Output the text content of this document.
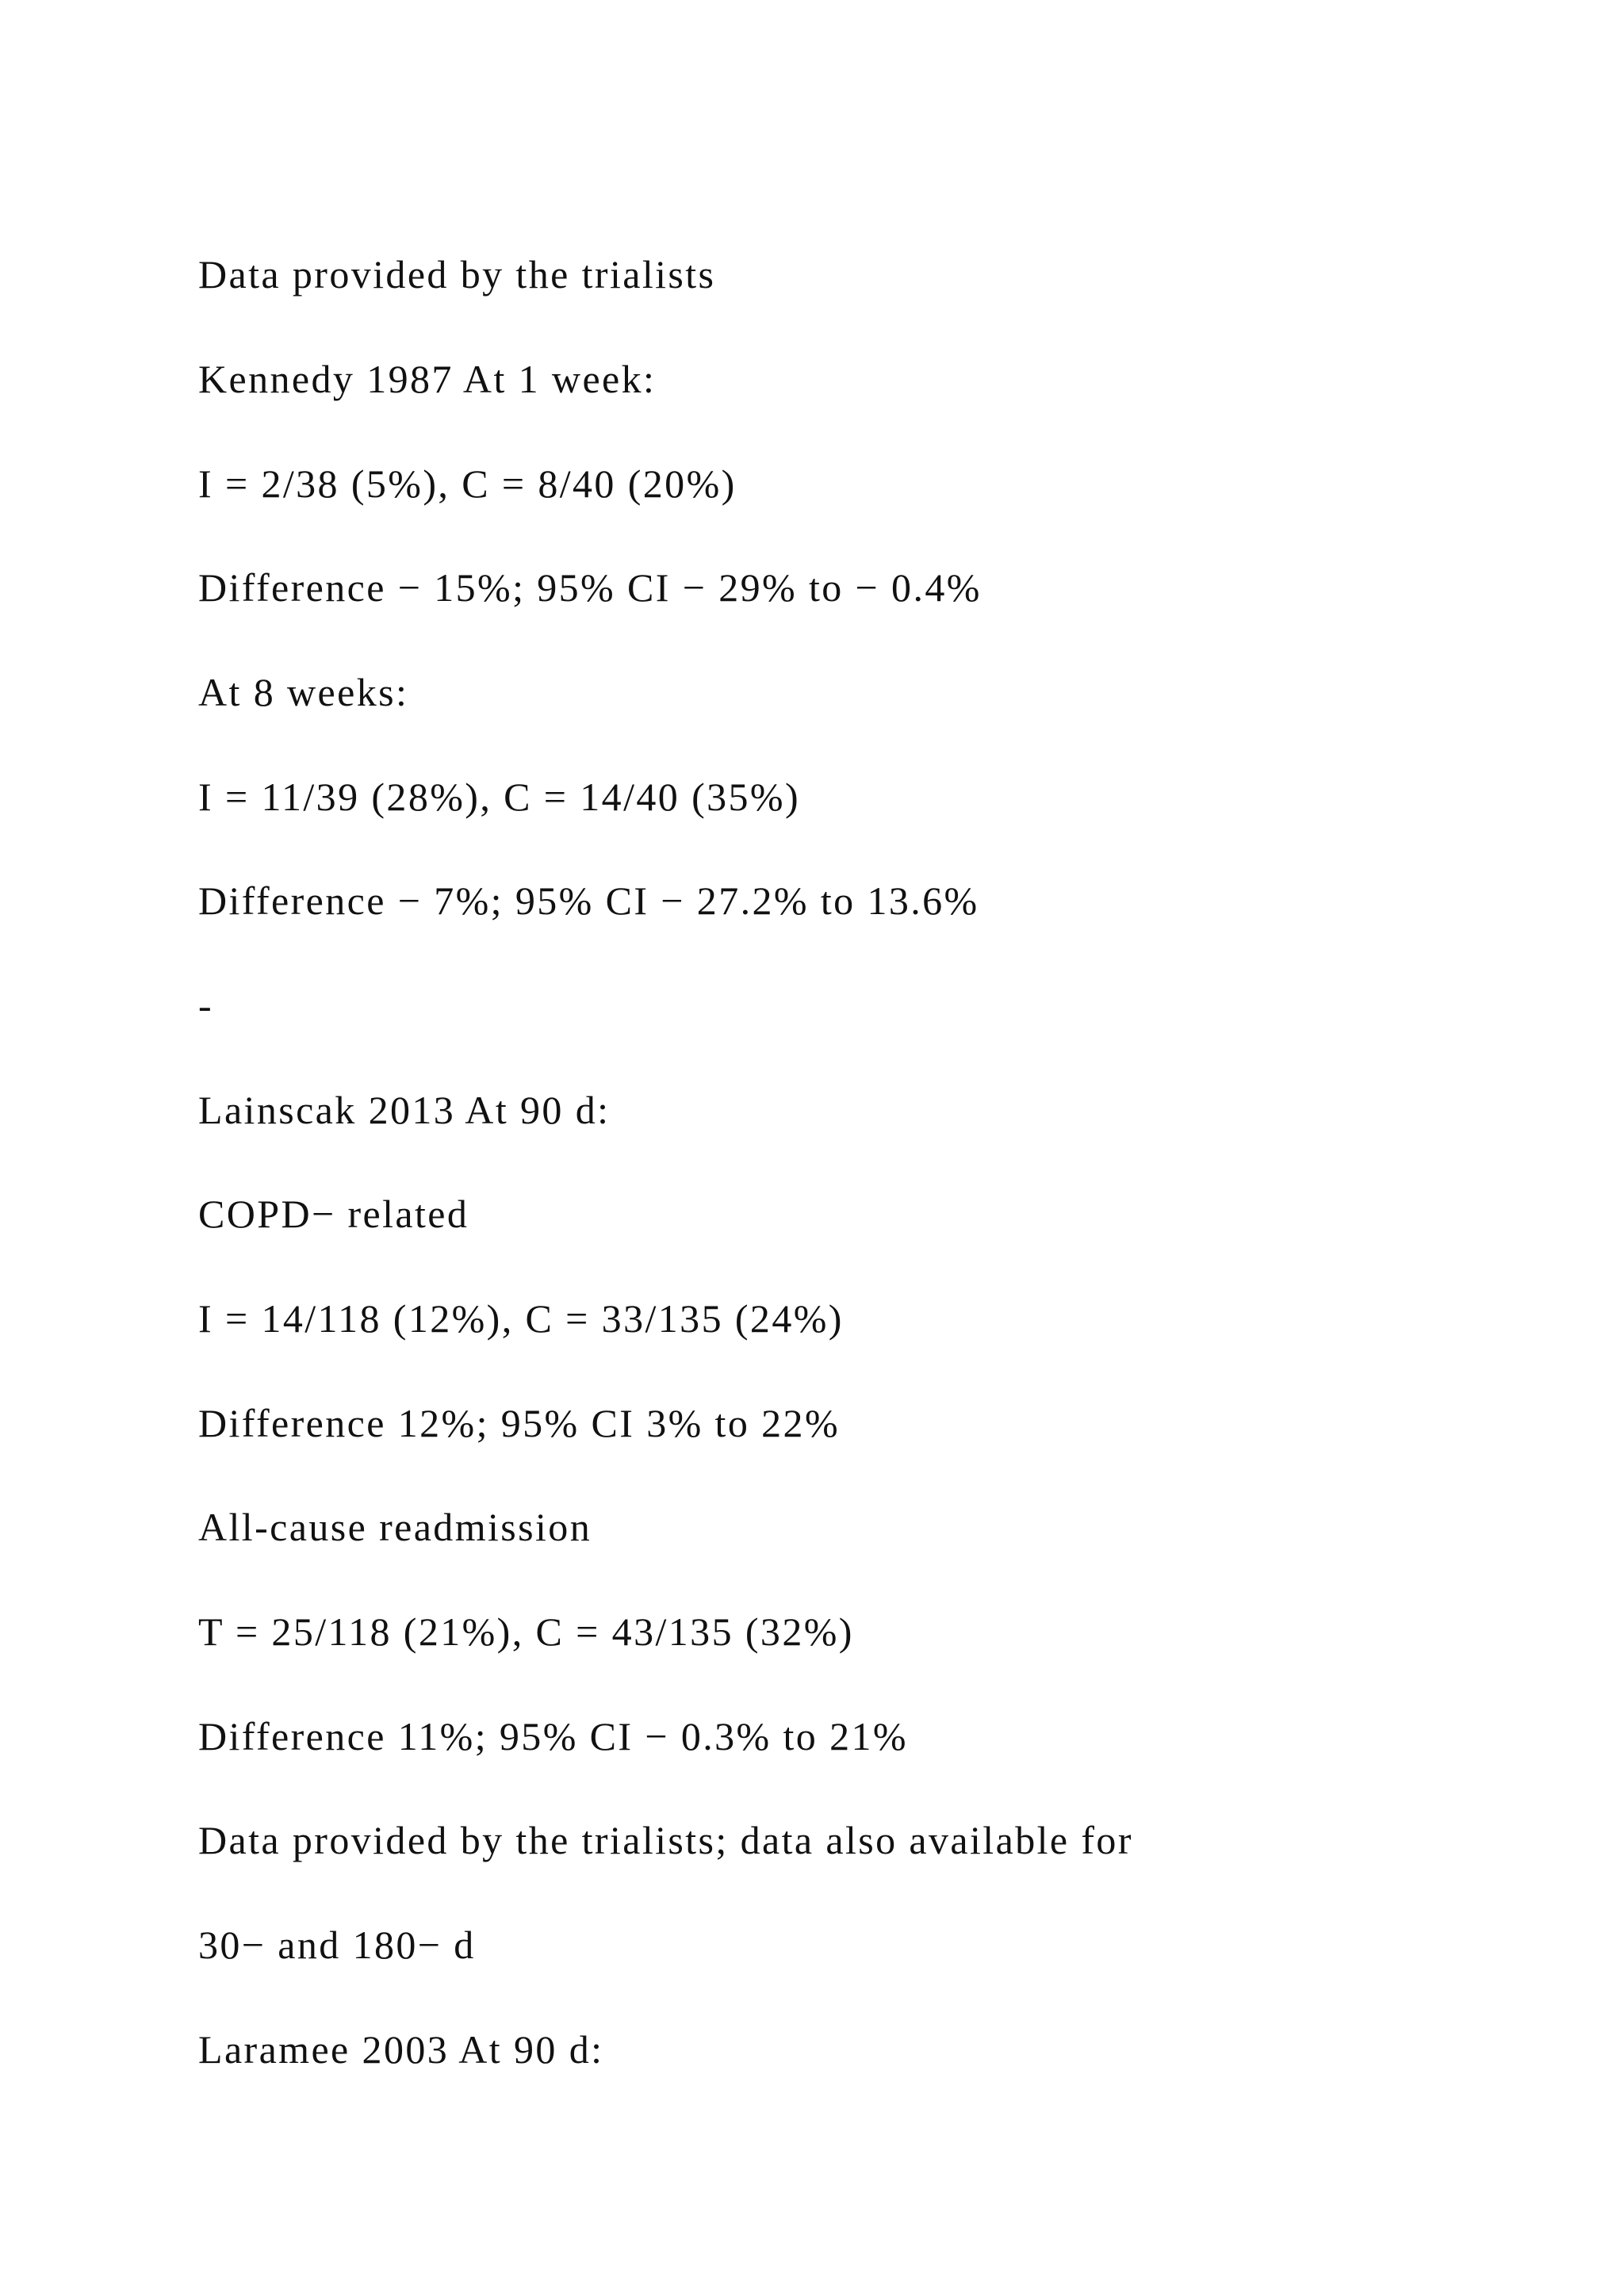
Data provided by the trialists

Kennedy 1987 At 1 week:

I = 2/38 (5%), C = 8/40 (20%)

Difference − 15%; 95% CI − 29% to − 0.4%

At 8 weeks:

I = 11/39 (28%), C = 14/40 (35%)

Difference − 7%; 95% CI − 27.2% to 13.6%

-

Lainscak 2013 At 90 d:

COPD− related

I = 14/118 (12%), C = 33/135 (24%)

Difference 12%; 95% CI 3% to 22%

All-cause readmission

T = 25/118 (21%), C = 43/135 (32%)

Difference 11%; 95% CI − 0.3% to 21%

Data provided by the trialists; data also available for

30− and 180− d

Laramee 2003 At 90 d:
